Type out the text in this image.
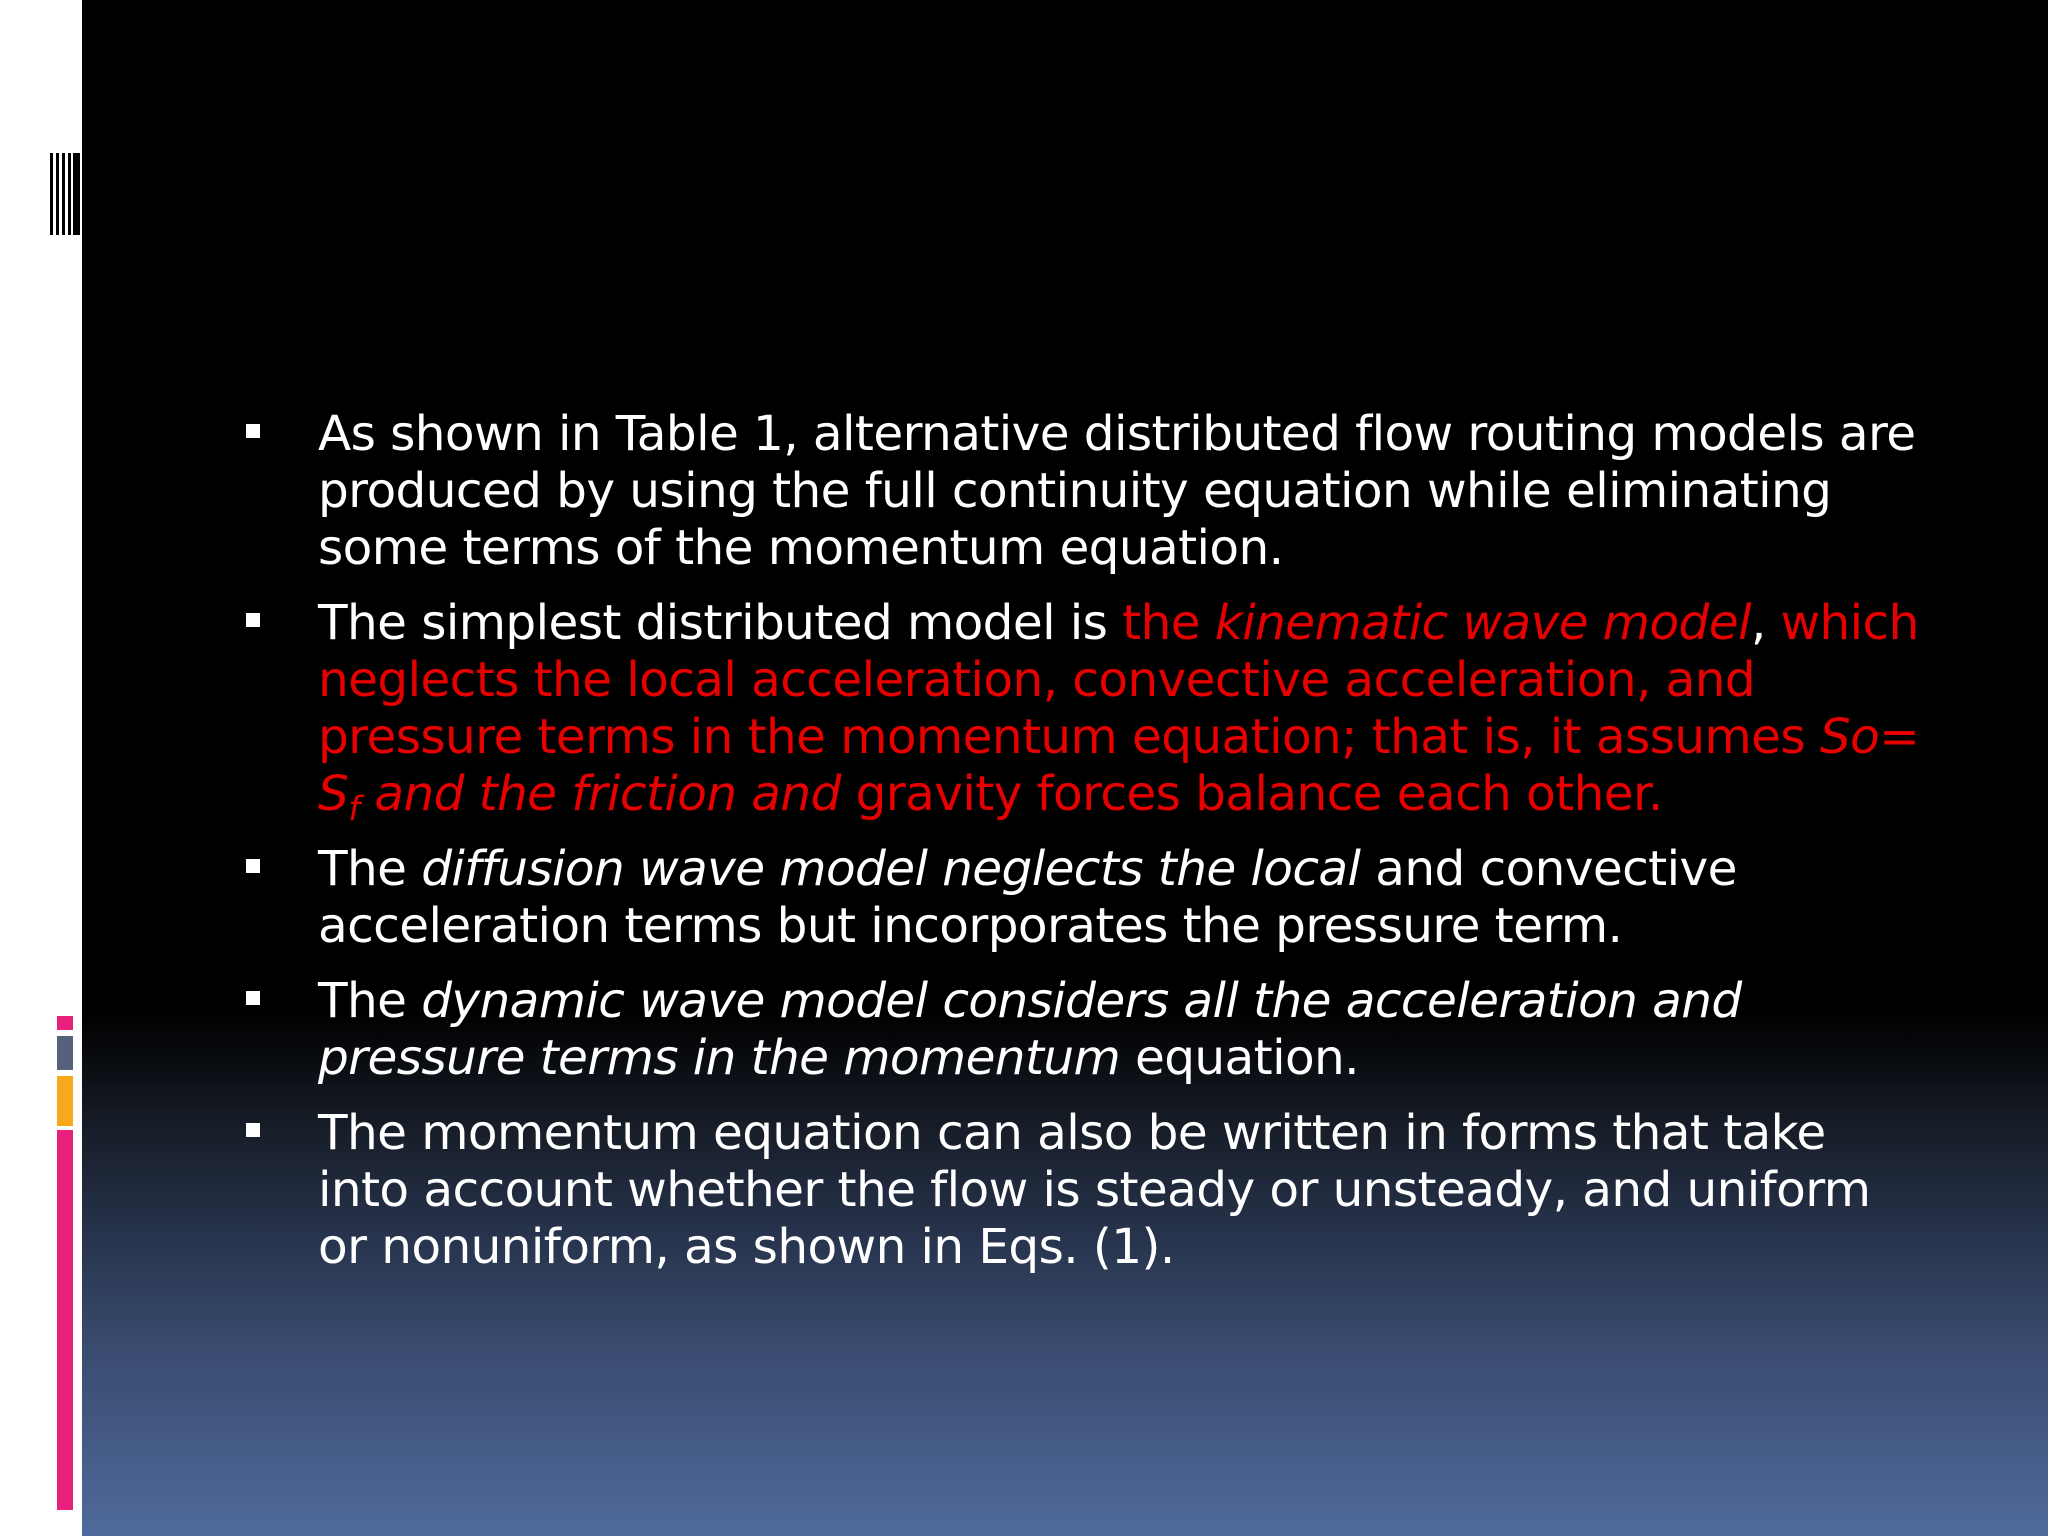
As shown in Table 1, alternative distributed flow routing models are produced by using the full continuity equation while eliminating some terms of the momentum equation.
The simplest distributed model is the kinematic wave model, which neglects the local acceleration, convective acceleration, and pressure terms in the momentum equation; that is, it assumes $So= S_f$ and the friction and gravity forces balance each other.
The diffusion wave model neglects the local and convective acceleration terms but incorporates the pressure term.
The dynamic wave model considers all the acceleration and pressure terms in the momentum equation.
The momentum equation can also be written in forms that take into account whether the flow is steady or unsteady, and uniform or nonuniform, as shown in Eqs. (1).
